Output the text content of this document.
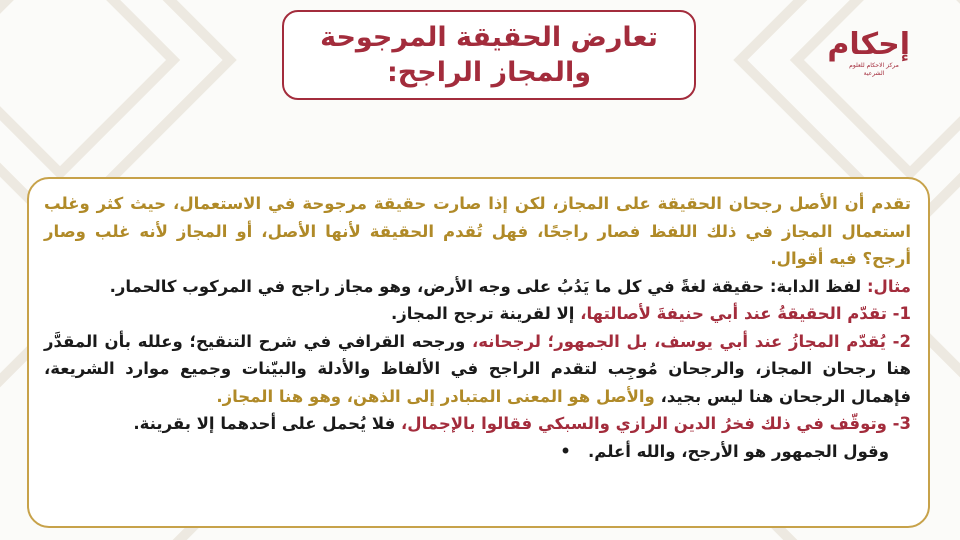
تعارض الحقيقة المرجوحة
والمجاز الراجح:
إحكام
مركز الاحكام للعلوم الشرعية

تقدم أن الأصل رجحان الحقيقة على المجاز، لكن إذا صارت حقيقة مرجوحة في الاستعمال، حيث كثر وغلب استعمال المجاز في ذلك اللفظ فصار راجحًا، فهل تُقدم الحقيقة لأنها الأصل، أو المجاز لأنه غلب وصار أرجح؟ فيه أقوال.

مثال: لفظ الدابة: حقيقة لغةً في كل ما يَدُبُ على وجه الأرض، وهو مجاز راجح في المركوب كالحمار.

1- تقدّم الحقيقةُ عند أبي حنيفةَ لأصالتها، إلا لقرينة ترجح المجاز.

2- يُقدّم المجازُ عند أبي يوسف، بل الجمهور؛ لرجحانه، ورجحه القرافي في شرح التنقيح؛ وعلله بأن المقدَّر هنا رجحان المجاز، والرجحان مُوجِب لتقدم الراجح في الألفاظ والأدلة والبيّنات وجميع موارد الشريعة، فإهمال الرجحان هنا ليس بجيد، والأصل هو المعنى المتبادر إلى الذهن، وهو هنا المجاز.

3- وتوقّف في ذلك فخرُ الدين الرازي والسبكي فقالوا بالإجمال، فلا يُحمل على أحدهما إلا بقرينة.

وقول الجمهور هو الأرجح، والله أعلم.   •
